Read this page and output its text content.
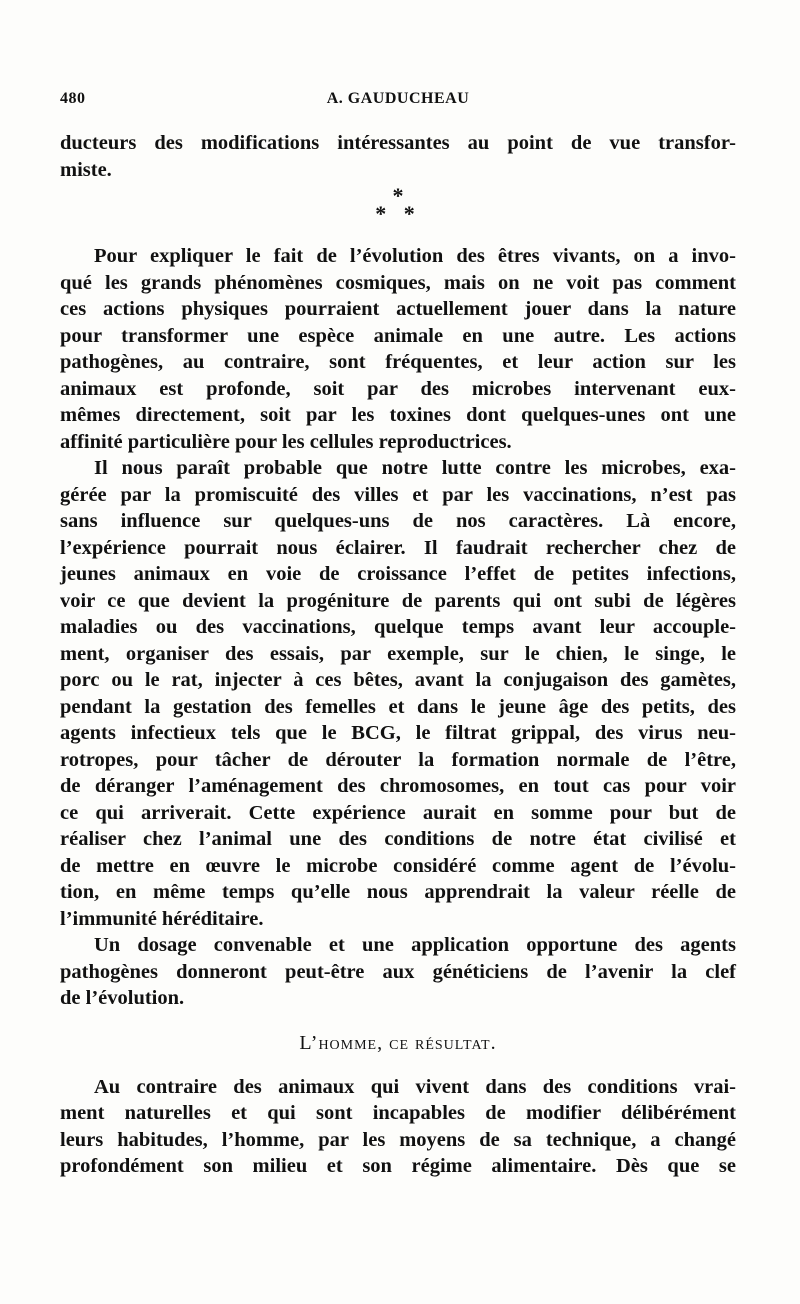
480	A. GAUDUCHEAU
ducteurs des modifications intéressantes au point de vue transfor-
miste.
*
* *
Pour expliquer le fait de l’évolution des êtres vivants, on a invo-
qué les grands phénomènes cosmiques, mais on ne voit pas comment
ces actions physiques pourraient actuellement jouer dans la nature
pour transformer une espèce animale en une autre. Les actions
pathogènes, au contraire, sont fréquentes, et leur action sur les
animaux est profonde, soit par des microbes intervenant eux-
mêmes directement, soit par les toxines dont quelques-unes ont une
affinité particulière pour les cellules reproductrices.
Il nous paraît probable que notre lutte contre les microbes, exa-
gérée par la promiscuité des villes et par les vaccinations, n’est pas
sans influence sur quelques-uns de nos caractères. Là encore,
l’expérience pourrait nous éclairer. Il faudrait rechercher chez de
jeunes animaux en voie de croissance l’effet de petites infections,
voir ce que devient la progéniture de parents qui ont subi de légères
maladies ou des vaccinations, quelque temps avant leur accouple-
ment, organiser des essais, par exemple, sur le chien, le singe, le
porc ou le rat, injecter à ces bêtes, avant la conjugaison des gamètes,
pendant la gestation des femelles et dans le jeune âge des petits, des
agents infectieux tels que le BCG, le filtrat grippal, des virus neu-
rotropes, pour tâcher de dérouter la formation normale de l’être,
de déranger l’aménagement des chromosomes, en tout cas pour voir
ce qui arriverait. Cette expérience aurait en somme pour but de
réaliser chez l’animal une des conditions de notre état civilisé et
de mettre en œuvre le microbe considéré comme agent de l’évolu-
tion, en même temps qu’elle nous apprendrait la valeur réelle de
l’immunité héréditaire.
Un dosage convenable et une application opportune des agents
pathogènes donneront peut-être aux généticiens de l’avenir la clef
de l’évolution.
L’homme, ce résultat.
Au contraire des animaux qui vivent dans des conditions vrai-
ment naturelles et qui sont incapables de modifier délibérément
leurs habitudes, l’homme, par les moyens de sa technique, a changé
profondément son milieu et son régime alimentaire. Dès que se
